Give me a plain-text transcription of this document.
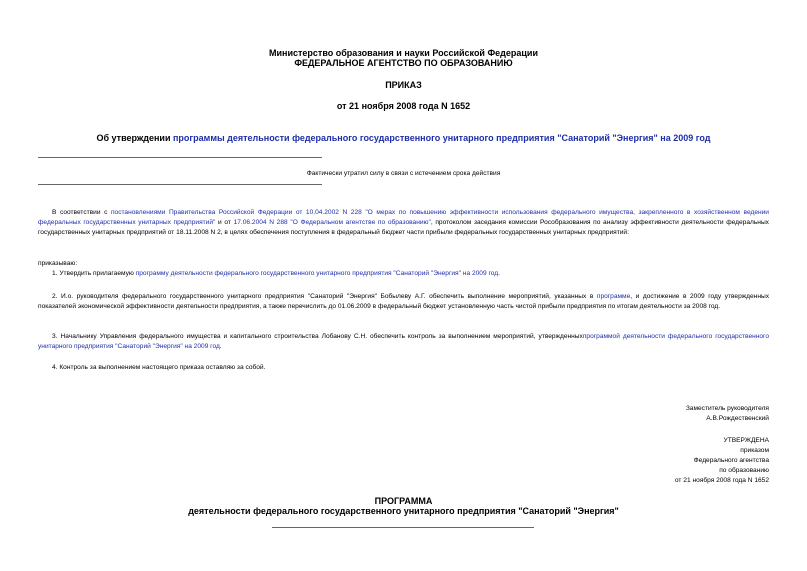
Министерство образования и науки Российской Федерации
ФЕДЕРАЛЬНОЕ АГЕНТСТВО ПО ОБРАЗОВАНИЮ
ПРИКАЗ
от 21 ноября 2008 года N 1652
Об утверждении программы деятельности федерального государственного унитарного предприятия "Санаторий "Энергия" на 2009 год
Фактически утратил силу в связи с истечением срока действия
В соответствии с постановлениями Правительства Российской Федерации от 10.04.2002 N 228 "О мерах по повышению эффективности использования федерального имущества, закрепленного в хозяйственном ведении федеральных государственных унитарных предприятий" и от 17.06.2004 N 288 "О Федеральном агентстве по образованию", протоколом заседания комиссии Рособразования по анализу эффективности деятельности федеральных государственных унитарных предприятий от 18.11.2008 N 2, в целях обеспечения поступления в федеральный бюджет части прибыли федеральных государственных унитарных предприятий:
приказываю:
1. Утвердить прилагаемую программу деятельности федерального государственного унитарного предприятия "Санаторий "Энергия" на 2009 год.
2. И.о. руководителя федерального государственного унитарного предприятия "Санаторий "Энергия" Бобылеву А.Г. обеспечить выполнение мероприятий, указанных в программе, и достижение в 2009 году утвержденных показателей экономической эффективности деятельности предприятия, а также перечислить до 01.06.2009 в федеральный бюджет установленную часть чистой прибыли предприятия по итогам деятельности за 2008 год.
3. Начальнику Управления федерального имущества и капитального строительства Лобанову С.Н. обеспечить контроль за выполнением мероприятий, утвержденныхпрограммой деятельности федерального государственного унитарного предприятия "Санаторий "Энергия" на 2009 год.
4. Контроль за выполнением настоящего приказа оставляю за собой.
Заместитель руководителя
А.В.Рождественский
УТВЕРЖДЕНА
приказом
Федерального агентства
по образованию
от 21 ноября 2008 года N 1652
ПРОГРАММА
деятельности федерального государственного унитарного предприятия "Санаторий "Энергия"
